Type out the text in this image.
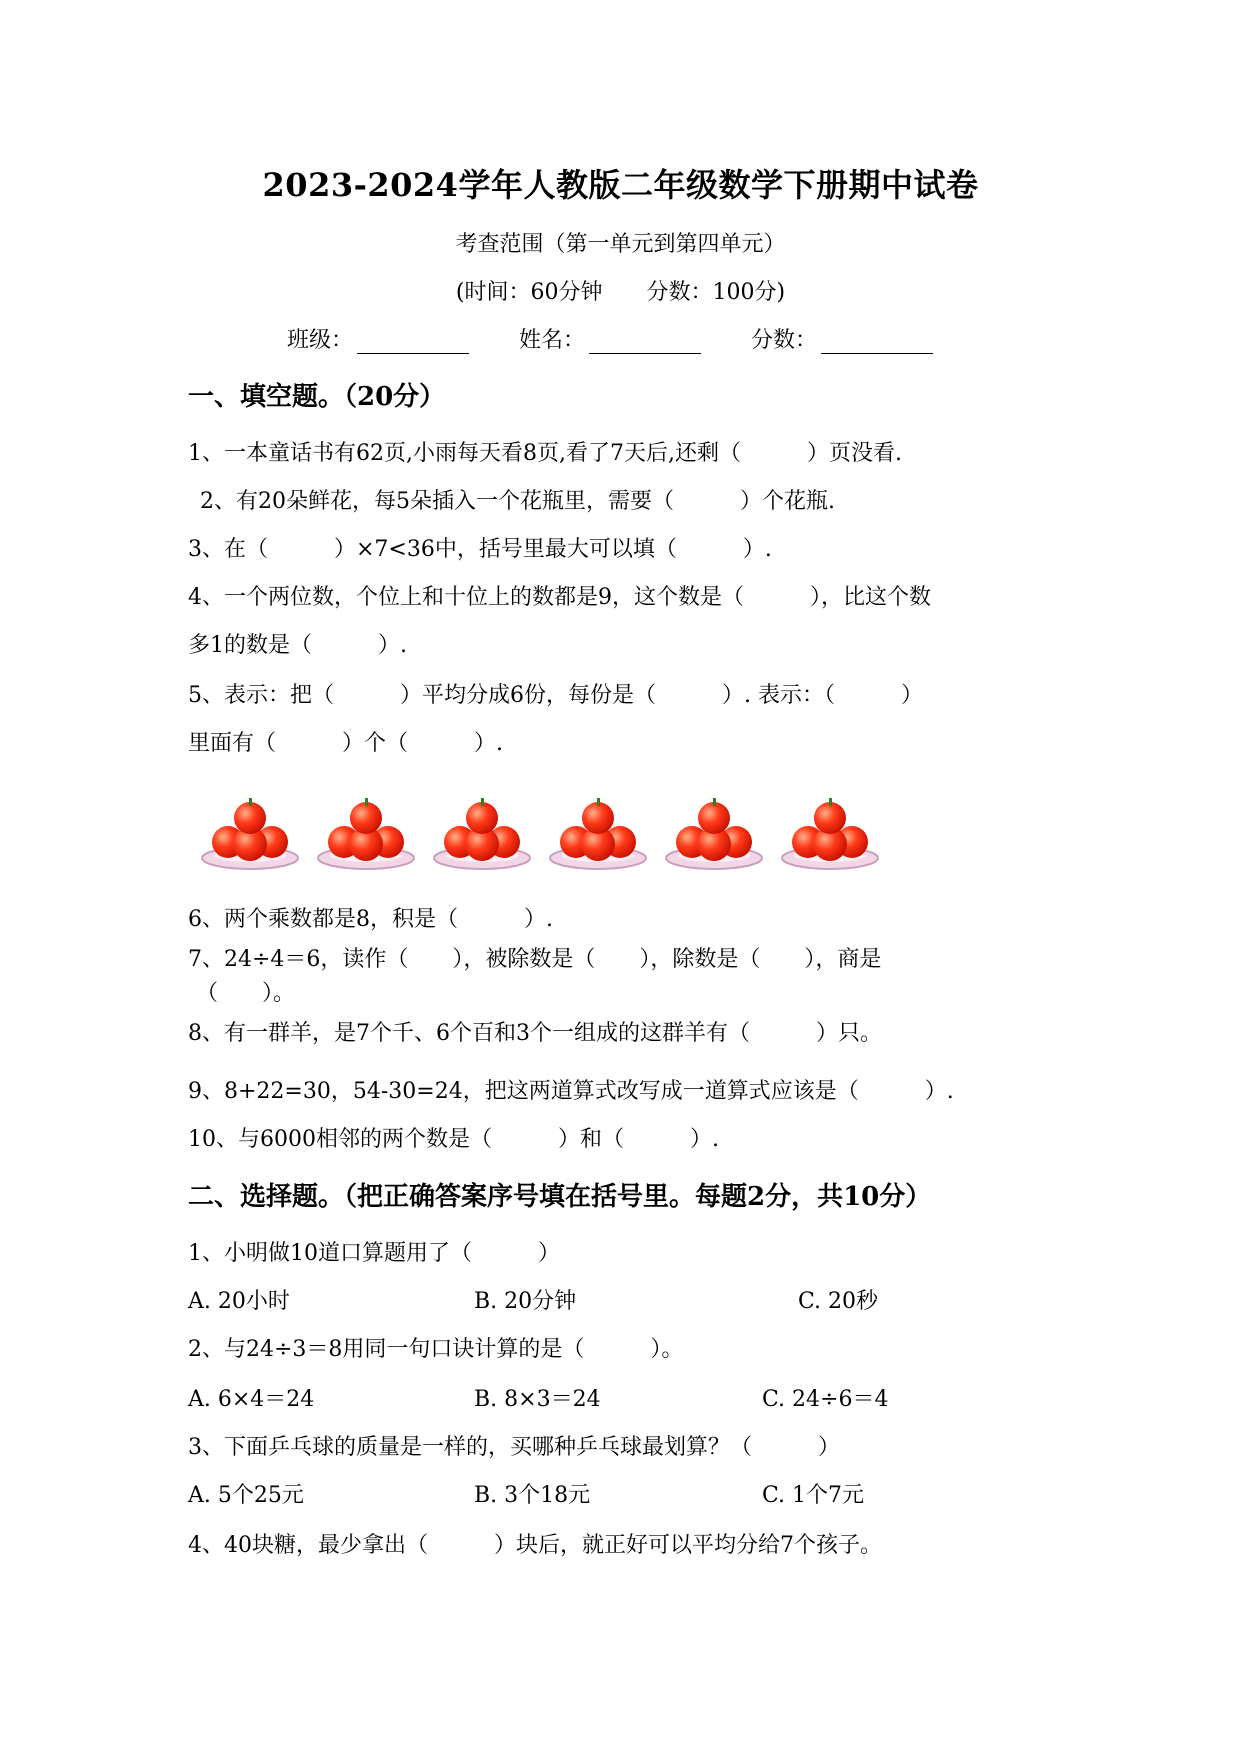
2023-2024学年人教版二年级数学下册期中试卷
考查范围（第一单元到第四单元）
(时间：60分钟　　分数：100分)
班级：	姓名：	分数：
一、填空题。（20分）
1、一本童话书有62页,小雨每天看8页,看了7天后,还剩（　　　）页没看.
2、有20朵鲜花，每5朵插入一个花瓶里，需要（　　　）个花瓶.
3、在（　　　）×7<36中，括号里最大可以填（　　　）.
4、一个两位数，个位上和十位上的数都是9，这个数是（　　　），比这个数
多1的数是（　　　）.
5、表示：把（　　　）平均分成6份，每份是（　　　）. 表示：（　　　）
里面有（　　　）个（　　　）.
6、两个乘数都是8，积是（　　　）.
7、24÷4＝6，读作（　　），被除数是（　　），除数是（　　），商是
（　　）。
8、有一群羊，是7个千、6个百和3个一组成的这群羊有（　　　）只。
9、8+22=30，54-30=24，把这两道算式改写成一道算式应该是（　　　）.
10、与6000相邻的两个数是（　　　）和（　　　）.
二、选择题。（把正确答案序号填在括号里。每题2分，共10分）
1、小明做10道口算题用了（　　　）
A. 20小时	B. 20分钟	C. 20秒
2、与24÷3＝8用同一句口诀计算的是（　　　）。
A. 6×4＝24	B. 8×3＝24	C. 24÷6＝4
3、下面乒乓球的质量是一样的，买哪种乒乓球最划算？（　　　）
A. 5个25元	B. 3个18元	C. 1个7元
4、40块糖，最少拿出（　　　）块后，就正好可以平均分给7个孩子。
